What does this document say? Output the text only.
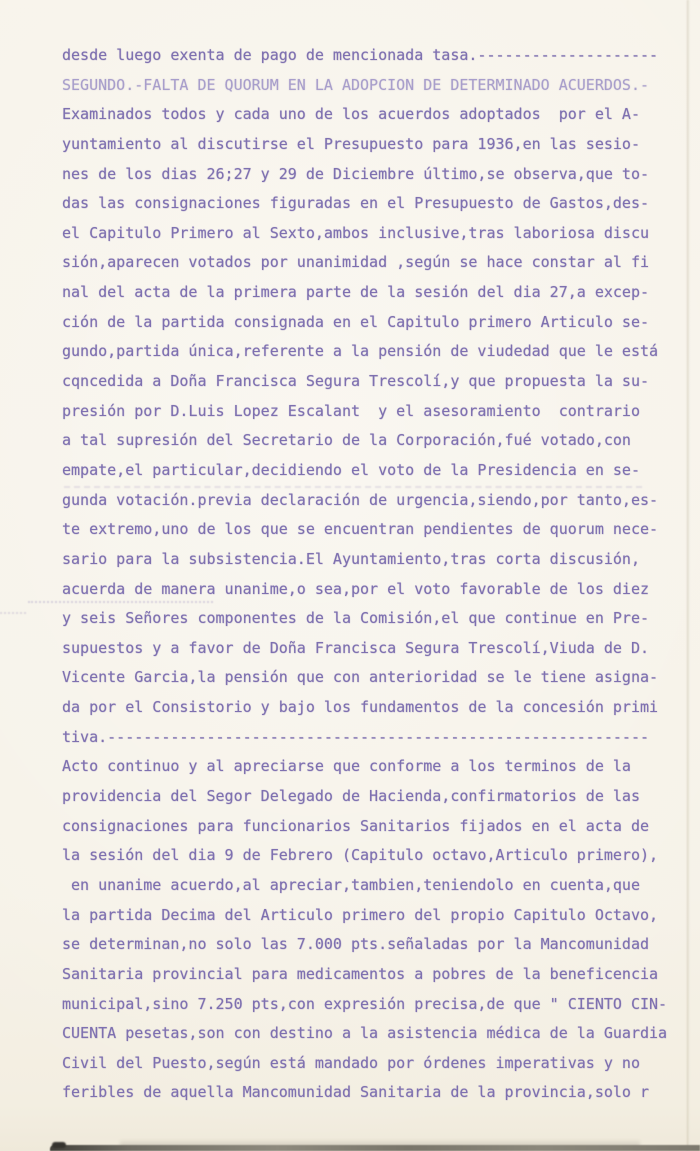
desde luego exenta de pago de mencionada tasa.--------------------
SEGUNDO.-FALTA DE QUORUM EN LA ADOPCION DE DETERMINADO ACUERDOS.-
Examinados todos y cada uno de los acuerdos adoptados  por el A-
yuntamiento al discutirse el Presupuesto para 1936,en las sesio-
nes de los dias 26;27 y 29 de Diciembre último,se observa,que to-
das las consignaciones figuradas en el Presupuesto de Gastos,des-
el Capitulo Primero al Sexto,ambos inclusive,tras laboriosa discu
sión,aparecen votados por unanimidad ,según se hace constar al fi
nal del acta de la primera parte de la sesión del dia 27,a excep-
ción de la partida consignada en el Capitulo primero Articulo se-
gundo,partida única,referente a la pensión de viudedad que le está
cqncedida a Doña Francisca Segura Trescolí,y que propuesta la su-
presión por D.Luis Lopez Escalant  y el asesoramiento  contrario
a tal supresión del Secretario de la Corporación,fué votado,con
empate,el particular,decidiendo el voto de la Presidencia en se-
gunda votación.previa declaración de urgencia,siendo,por tanto,es-
te extremo,uno de los que se encuentran pendientes de quorum nece-
sario para la subsistencia.El Ayuntamiento,tras corta discusión,
acuerda de manera unanime,o sea,por el voto favorable de los diez
y seis Señores componentes de la Comisión,el que continue en Pre-
supuestos y a favor de Doña Francisca Segura Trescolí,Viuda de D.
Vicente Garcia,la pensión que con anterioridad se le tiene asigna-
da por el Consistorio y bajo los fundamentos de la concesión primi
tiva.------------------------------------------------------------
Acto continuo y al apreciarse que conforme a los terminos de la
providencia del Segor Delegado de Hacienda,confirmatorios de las
consignaciones para funcionarios Sanitarios fijados en el acta de
la sesión del dia 9 de Febrero (Capitulo octavo,Articulo primero),
en unanime acuerdo,al apreciar,tambien,teniendolo en cuenta,que
la partida Decima del Articulo primero del propio Capitulo Octavo,
se determinan,no solo las 7.000 pts.señaladas por la Mancomunidad
Sanitaria provincial para medicamentos a pobres de la beneficencia
municipal,sino 7.250 pts,con expresión precisa,de que " CIENTO CIN-
CUENTA pesetas,son con destino a la asistencia médica de la Guardia
Civil del Puesto,según está mandado por órdenes imperativas y no
feribles de aquella Mancomunidad Sanitaria de la provincia,solo r
